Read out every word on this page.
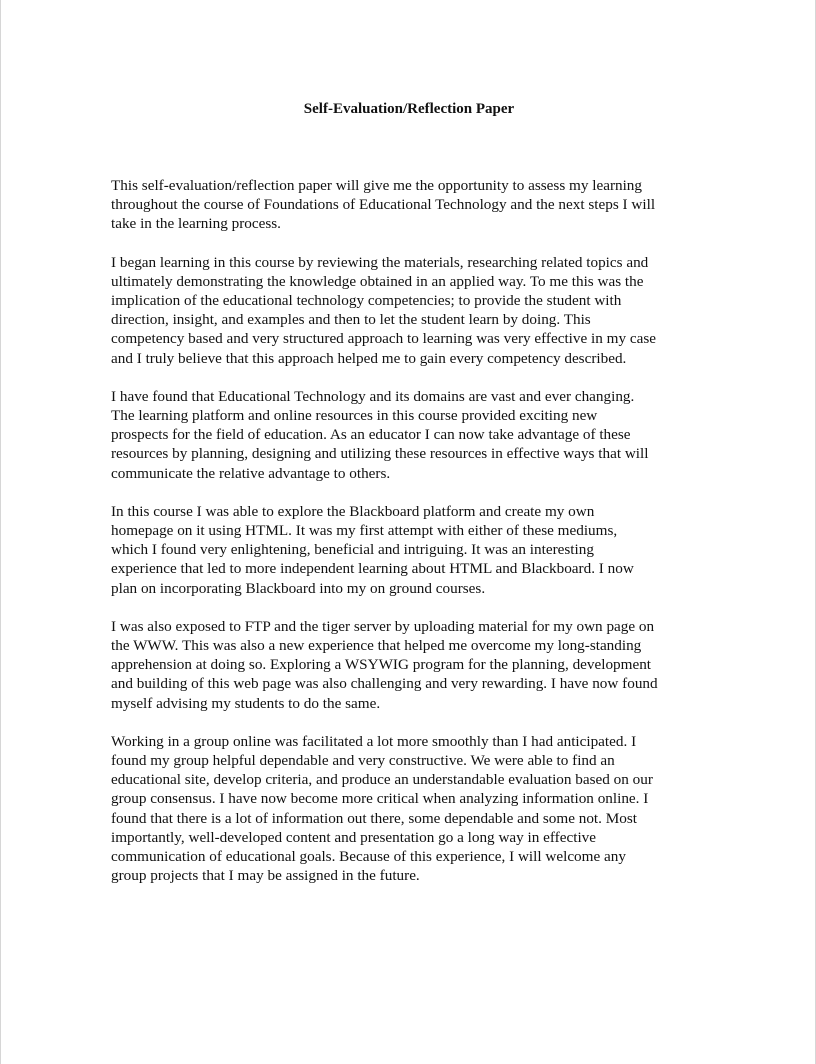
Self-Evaluation/Reflection Paper

This self-evaluation/reflection paper will give me the opportunity to assess my learning
throughout the course of Foundations of Educational Technology and the next steps I will
take in the learning process.

I began learning in this course by reviewing the materials, researching related topics and
ultimately demonstrating the knowledge obtained in an applied way. To me this was the
implication of the educational technology competencies; to provide the student with
direction, insight, and examples and then to let the student learn by doing. This
competency based and very structured approach to learning was very effective in my case
and I truly believe that this approach helped me to gain every competency described.

I have found that Educational Technology and its domains are vast and ever changing.
The learning platform and online resources in this course provided exciting new
prospects for the field of education. As an educator I can now take advantage of these
resources by planning, designing and utilizing these resources in effective ways that will
communicate the relative advantage to others.

In this course I was able to explore the Blackboard platform and create my own
homepage on it using HTML. It was my first attempt with either of these mediums,
which I found very enlightening, beneficial and intriguing. It was an interesting
experience that led to more independent learning about HTML and Blackboard. I now
plan on incorporating Blackboard into my on ground courses.

I was also exposed to FTP and the tiger server by uploading material for my own page on
the WWW. This was also a new experience that helped me overcome my long-standing
apprehension at doing so. Exploring a WSYWIG program for the planning, development
and building of this web page was also challenging and very rewarding. I have now found
myself advising my students to do the same.

Working in a group online was facilitated a lot more smoothly than I had anticipated. I
found my group helpful dependable and very constructive. We were able to find an
educational site, develop criteria, and produce an understandable evaluation based on our
group consensus. I have now become more critical when analyzing information online. I
found that there is a lot of information out there, some dependable and some not. Most
importantly, well-developed content and presentation go a long way in effective
communication of educational goals. Because of this experience, I will welcome any
group projects that I may be assigned in the future.
